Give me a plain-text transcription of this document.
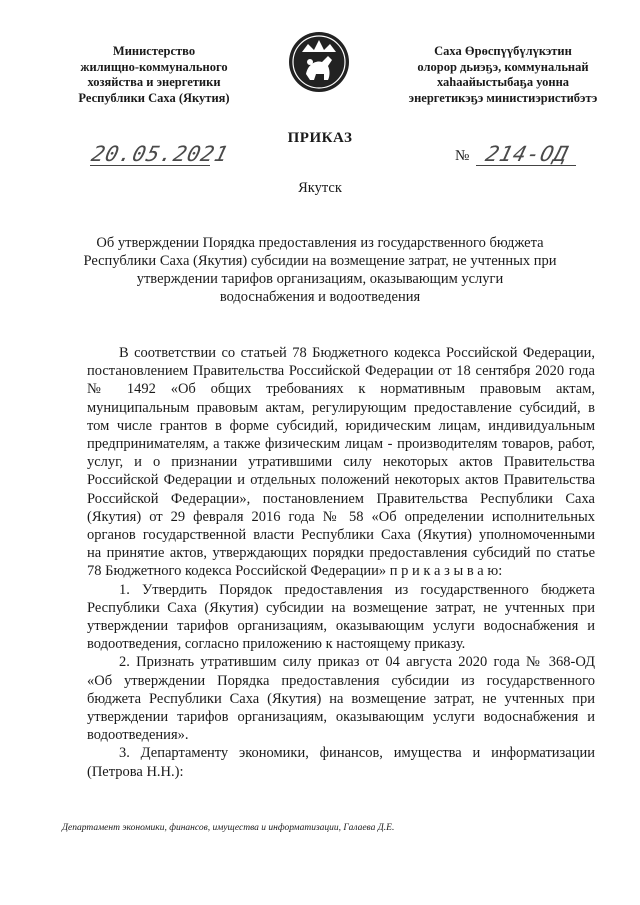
Министерство
жилищно-коммунального
хозяйства и энергетики
Республики Саха (Якутия)
Саха Өрөспүүбүлүкэтин
олорор дьиэҕэ, коммунальнай
хаһаайыстыбаҕа уонна
энергетикэҕэ министиэристибэтэ
ПРИКАЗ
20.05.2021	№ 214-ОД
Якутск
Об утверждении Порядка предоставления из государственного бюджета
Республики Саха (Якутия) субсидии на возмещение затрат, не учтенных при
утверждении тарифов организациям, оказывающим услуги
водоснабжения и водоотведения
В соответствии со статьей 78 Бюджетного кодекса Российской Федерации,
постановлением Правительства Российской Федерации от 18 сентября 2020 года
№ 1492 «Об общих требованиях к нормативным правовым актам,
муниципальным правовым актам, регулирующим предоставление субсидий, в
том числе грантов в форме субсидий, юридическим лицам, индивидуальным
предпринимателям, а также физическим лицам - производителям товаров, работ,
услуг, и о признании утратившими силу некоторых актов Правительства
Российской Федерации и отдельных положений некоторых актов Правительства
Российской Федерации», постановлением Правительства Республики Саха
(Якутия) от 29 февраля 2016 года № 58 «Об определении исполнительных
органов государственной власти Республики Саха (Якутия) уполномоченными
на принятие актов, утверждающих порядки предоставления субсидий по статье
78 Бюджетного кодекса Российской Федерации» п р и к а з ы в а ю:
1. Утвердить Порядок предоставления из государственного бюджета
Республики Саха (Якутия) субсидии на возмещение затрат, не учтенных при
утверждении тарифов организациям, оказывающим услуги водоснабжения и
водоотведения, согласно приложению к настоящему приказу.
2. Признать утратившим силу приказ от 04 августа 2020 года № 368-ОД
«Об утверждении Порядка предоставления субсидии из государственного
бюджета Республики Саха (Якутия) на возмещение затрат, не учтенных при
утверждении тарифов организациям, оказывающим услуги водоснабжения и
водоотведения».
3. Департаменту экономики, финансов, имущества и информатизации
(Петрова Н.Н.):
Департамент экономики, финансов, имущества и информатизации, Галаева Д.Е.
